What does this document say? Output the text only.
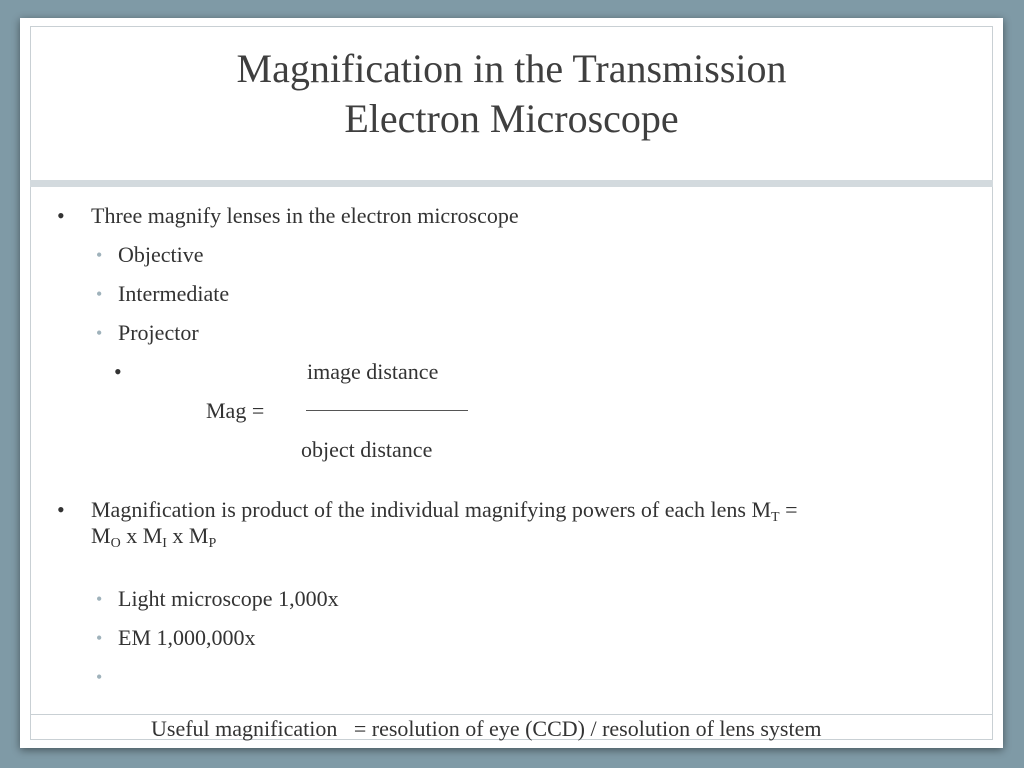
Magnification in the Transmission
Electron Microscope
• Three magnify lenses in the electron microscope
• Objective
• Intermediate
• Projector
•	image distance
Mag =
object distance
• Magnification is product of the individual magnifying powers of each lens $M_T$ =
$M_O$ x $M_I$ x $M_P$
• Light microscope 1,000x
• EM 1,000,000x

•

Useful magnification   = resolution of eye (CCD) / resolution of lens system
